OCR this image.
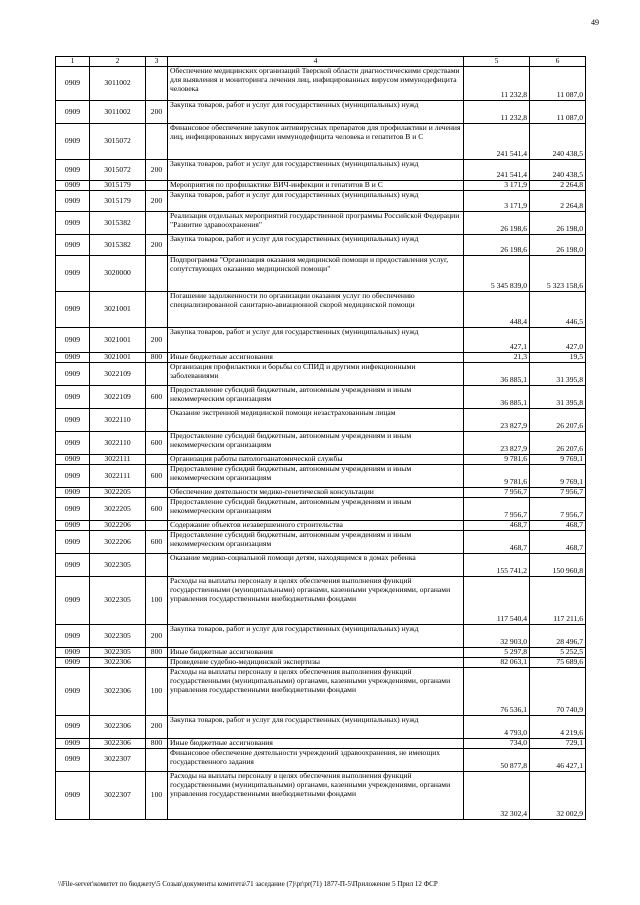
49
1	2	3	4	5	6
0909	3011002		Обеспечение медицинских организаций Тверской области диагностическими средствами для выявления и мониторинга лечения лиц, инфицированных вирусом иммунодефицита человека	11 232,8	11 087,0
0909	3011002	200	Закупка товаров, работ и услуг для государственных (муниципальных) нужд	11 232,8	11 087,0
0909	3015072		Финансовое обеспечение закупок антивирусных препаратов для профилактики и лечения лиц, инфицированных вирусами иммунодефицита человека и гепатитов В и С	241 541,4	240 438,5
0909	3015072	200	Закупка товаров, работ и услуг для государственных (муниципальных) нужд	241 541,4	240 438,5
0909	3015179		Мероприятия по профилактике ВИЧ-инфекции и гепатитов В и С	3 171,9	2 264,8
0909	3015179	200	Закупка товаров, работ и услуг для государственных (муниципальных) нужд	3 171,9	2 264,8
0909	3015382		Реализация отдельных мероприятий государственной программы Российской Федерации "Развитие здравоохранения"	26 198,6	26 198,0
0909	3015382	200	Закупка товаров, работ и услуг для государственных (муниципальных) нужд	26 198,6	26 198,0
0909	3020000		Подпрограмма "Организация оказания медицинской помощи и предоставления услуг, сопутствующих оказанию медицинской помощи"	5 345 839,0	5 323 158,6
0909	3021001		Погашение задолженности по организации оказания услуг по обеспечению специализированной санитарно-авиационной скорой медицинской помощи	448,4	446,5
0909	3021001	200	Закупка товаров, работ и услуг для государственных (муниципальных) нужд	427,1	427,0
0909	3021001	800	Иные бюджетные ассигнования	21,3	19,5
0909	3022109		Организация профилактики и борьбы со СПИД и другими инфекционными заболеваниями	36 885,1	31 395,8
0909	3022109	600	Предоставление субсидий бюджетным, автономным учреждениям и иным некоммерческим организациям	36 885,1	31 395,8
0909	3022110		Оказание экстренной медицинской помощи незастрахованным лицам	23 827,9	26 207,6
0909	3022110	600	Предоставление субсидий бюджетным, автономным учреждениям и иным некоммерческим организациям	23 827,9	26 207,6
0909	3022111		Организация работы патологоанатомической службы	9 781,6	9 769,1
0909	3022111	600	Предоставление субсидий бюджетным, автономным учреждениям и иным некоммерческим организациям	9 781,6	9 769,1
0909	3022205		Обеспечение деятельности медико-генетической консультации	7 956,7	7 956,7
0909	3022205	600	Предоставление субсидий бюджетным, автономным учреждениям и иным некоммерческим организациям	7 956,7	7 956,7
0909	3022206		Содержание объектов незавершенного строительства	468,7	468,7
0909	3022206	600	Предоставление субсидий бюджетным, автономным учреждениям и иным некоммерческим организациям	468,7	468,7
0909	3022305		Оказание медико-социальной помощи детям, находящимся в домах ребенка	155 741,2	150 960,8
0909	3022305	100	Расходы на выплаты персоналу в целях обеспечения выполнения функций государственными (муниципальными) органами, казенными учреждениями, органами управления государственными внебюджетными фондами	117 540,4	117 211,6
0909	3022305	200	Закупка товаров, работ и услуг для государственных (муниципальных) нужд	32 903,0	28 496,7
0909	3022305	800	Иные бюджетные ассигнования	5 297,8	5 252,5
0909	3022306		Проведение судебно-медицинской экспертизы	82 063,1	75 689,6
0909	3022306	100	Расходы на выплаты персоналу в целях обеспечения выполнения функций государственными (муниципальными) органами, казенными учреждениями, органами управления государственными внебюджетными фондами	76 536,1	70 740,9
0909	3022306	200	Закупка товаров, работ и услуг для государственных (муниципальных) нужд	4 793,0	4 219,6
0909	3022306	800	Иные бюджетные ассигнования	734,0	729,1
0909	3022307		Финансовое обеспечение деятельности учреждений здравоохранения, не имеющих государственного задания	50 877,8	46 427,1
0909	3022307	100	Расходы на выплаты персоналу в целях обеспечения выполнения функций государственными (муниципальными) органами, казенными учреждениями, органами управления государственными внебюджетными фондами	32 302,4	32 002,9
\\File-server\комитет по бюджету\5 Созыв\документы комитета\71 заседание (7)\pr\pr(71) 1877-П-5\Приложение 5 Прил 12 ФСР
